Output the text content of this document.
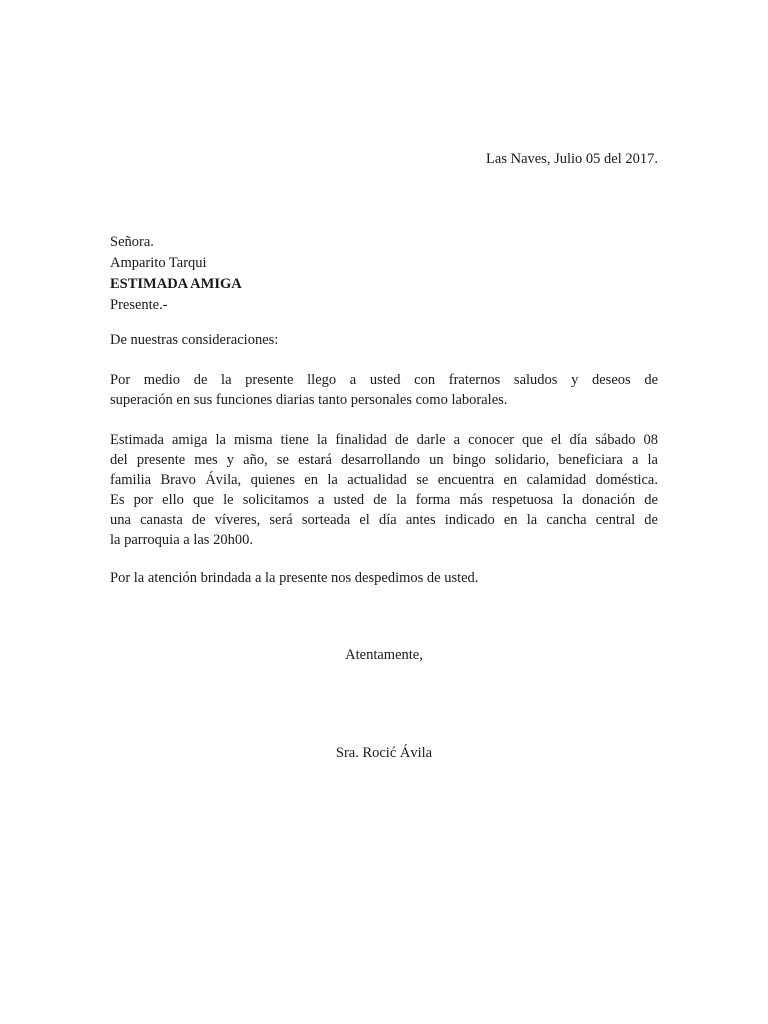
Las Naves, Julio 05 del 2017.
Señora.
Amparito Tarqui
ESTIMADA AMIGA
Presente.-
De nuestras consideraciones:
Por medio de la presente llego a usted con fraternos saludos y deseos de
superación en sus funciones diarias tanto personales como laborales.
Estimada amiga la misma tiene la finalidad de darle a conocer que el día sábado 08
del presente mes y año, se estará desarrollando un bingo solidario, beneficiara a la
familia Bravo Ávila, quienes en la actualidad se encuentra en calamidad doméstica.
Es por ello que le solicitamos a usted de la forma más respetuosa la donación de
una canasta de víveres, será sorteada el día antes indicado en la cancha central de
la parroquia a las 20h00.
Por la atención brindada a la presente nos despedimos de usted.
Atentamente,
Sra. Rocić Ávila
